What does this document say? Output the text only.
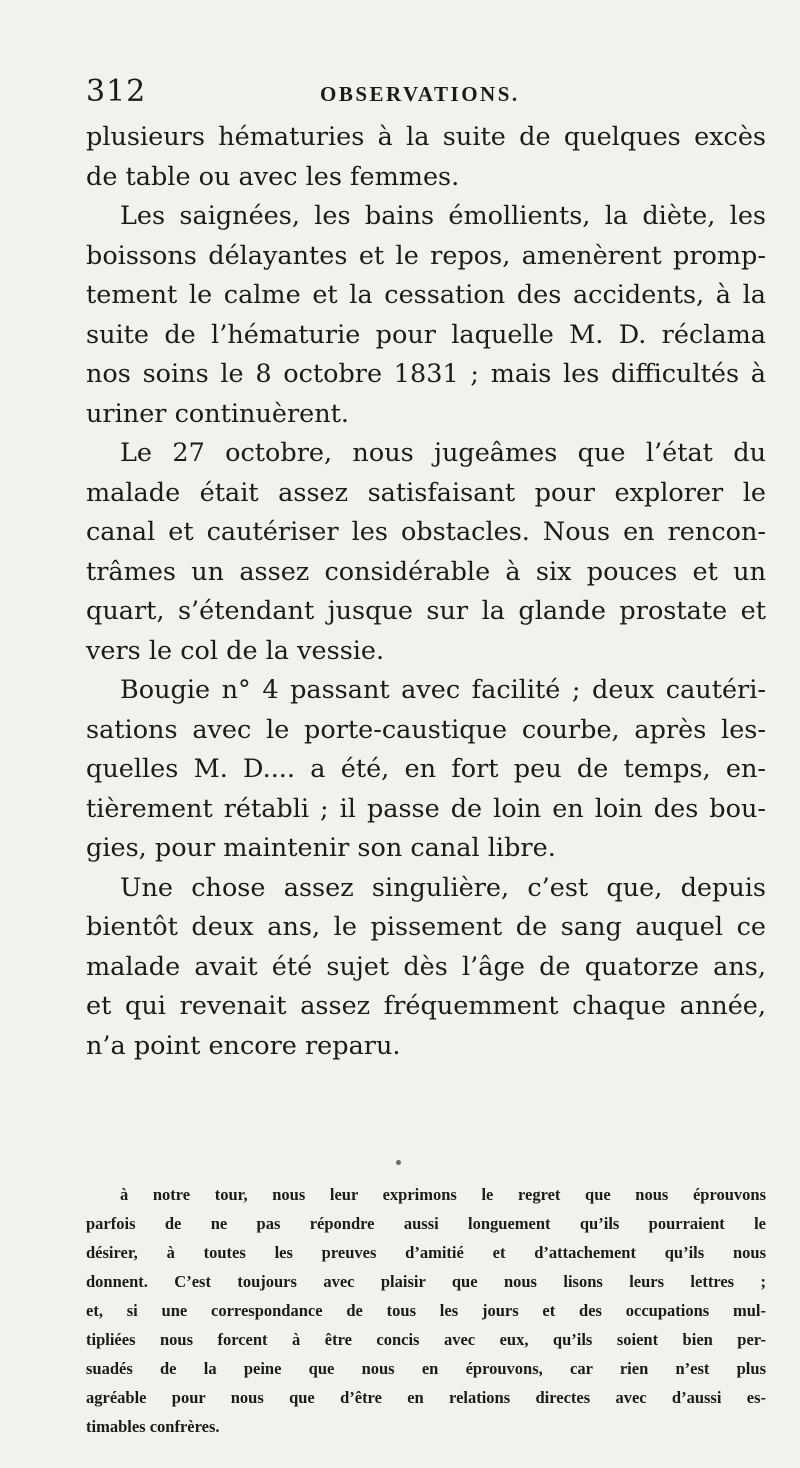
312	OBSERVATIONS.
plusieurs hématuries à la suite de quelques excès
de table ou avec les femmes.
Les saignées, les bains émollients, la diète, les
boissons délayantes et le repos, amenèrent promp-
tement le calme et la cessation des accidents, à la
suite de l’hématurie pour laquelle M. D. réclama
nos soins le 8 octobre 1831 ; mais les difficultés à
uriner continuèrent.
Le 27 octobre, nous jugeâmes que l’état du
malade était assez satisfaisant pour explorer le
canal et cautériser les obstacles. Nous en rencon-
trâmes un assez considérable à six pouces et un
quart, s’étendant jusque sur la glande prostate et
vers le col de la vessie.
Bougie n° 4 passant avec facilité ; deux cautéri-
sations avec le porte-caustique courbe, après les-
quelles M. D.... a été, en fort peu de temps, en-
tièrement rétabli ; il passe de loin en loin des bou-
gies, pour maintenir son canal libre.
Une chose assez singulière, c’est que, depuis
bientôt deux ans, le pissement de sang auquel ce
malade avait été sujet dès l’âge de quatorze ans,
et qui revenait assez fréquemment chaque année,
n’a point encore reparu.
à notre tour, nous leur exprimons le regret que nous éprouvons
parfois de ne pas répondre aussi longuement qu’ils pourraient le
désirer, à toutes les preuves d’amitié et d’attachement qu’ils nous
donnent. C’est toujours avec plaisir que nous lisons leurs lettres ;
et, si une correspondance de tous les jours et des occupations mul-
tipliées nous forcent à être concis avec eux, qu’ils soient bien per-
suadés de la peine que nous en éprouvons, car rien n’est plus
agréable pour nous que d’être en relations directes avec d’aussi es-
timables confrères.
